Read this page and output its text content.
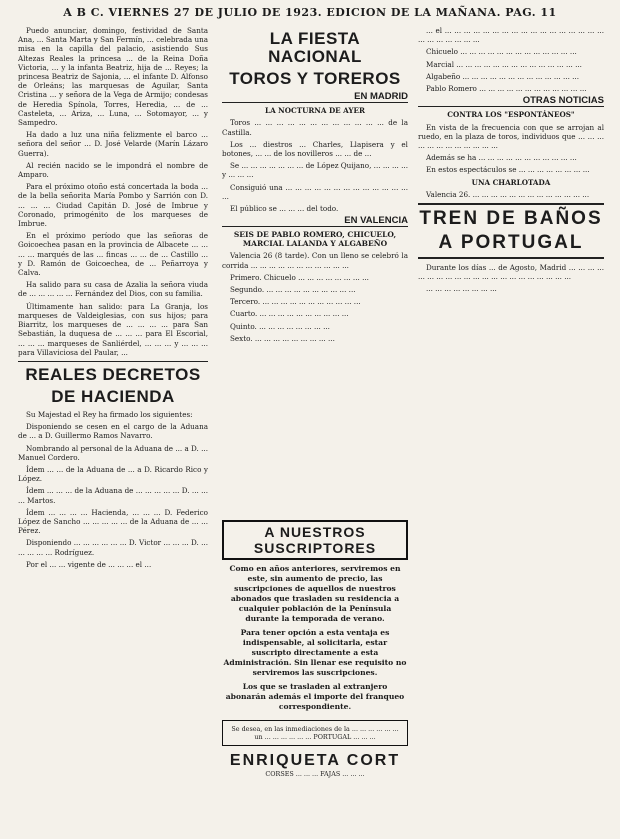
A B C. VIERNES 27 DE JULIO DE 1923. EDICION DE LA MAÑANA. PAG. 11

Puedo anunciar, domingo, festividad de Santa Ana, ... Santa Marta y San Fermín, ... celebrada una misa en la capilla del palacio, asistiendo Sus Altezas Reales la princesa ... de la Reina Doña Victoria, ... y la infanta Beatriz, hija de ... Reyes; la princesa Beatriz de Sajonia, ... el infante D. Alfonso de Orleáns; las marquesas de Aguilar, Santa Cristina ... y señora de la Vega de Armijo; condesas de Heredia Spínola, Torres, Heredia, ... de ... Casteleta, ... Ariza, ... Luna, ... Sotomayor, ... y Sampedro.

Ha dado a luz una niña felizmente el barco ... señora del señor ... D. José Velarde (Marín Lázaro Guerra).

Al recién nacido se le impondrá el nombre de Amparo.

Para el próximo otoño está concertada la boda ... de la bella señorita María Pombo y Sarrión con D. ... ... ... Ciudad Capitán D. José de Imbrue y Coronado, primogénito de los marqueses de Imbrue.

En el próximo período que las señoras de Goicoechea pasan en la provincia de Albacete ... ... ... ... marqués de las ... fincas ... ... de ... Castillo ... y D. Ramón de Goicoechea, de ... Peñarroya y Calva.

Ha salido para su casa de Azalia la señora viuda de ... ... ... ... ... Fernández del Dios, con su familia.

Últimamente han salido: para La Granja, los marqueses de Valdeiglesias, con sus hijos; para Biarritz, los marqueses de ... ... ... ... para San Sebastián, la duquesa de ... ... ... para El Escorial, ... ... ... marqueses de Sanliérdel, ... ... ... y ... ... ... para Villaviciosa del Paular, ...

REALES DECRETOS
DE HACIENDA

Su Majestad el Rey ha firmado los siguientes:

Disponiendo se cesen en el cargo de la Aduana de ... a D. Guillermo Ramos Navarro.

Nombrando al personal de la Aduana de ... a D. ... Manuel Cordero.

Ídem ... ... de la Aduana de ... a D. Ricardo Rico y López.

Ídem ... ... ... de la Aduana de ... ... ... ... ... D. ... ... ... Martos.

Ídem ... ... ... ... Hacienda, ... ... ... D. Federico López de Sancho ... ... ... ... ... de la Aduana de ... ... Pérez.

Disponiendo ... ... ... ... ... ... D. Victor ... ... ... D. ... ... ... ... ... Rodríguez.

Por el ... ... vigente de ... ... ... el ...

LA FIESTA NACIONAL
TOROS Y TOREROS
EN MADRID
LA NOCTURNA DE AYER

Toros ... ... ... ... ... ... ... ... ... ... ... ... de la Castilla.

Los ... diestros ... Charles, Llapisera y el botones, ... ... de los novilleros ... ... de ...

Se ... ... ... ... ... ... ... de López Quijano, ... ... ... ... y ... ... ...

Consiguió una ... ... ... ... ... ... ... ... ... ... ... ... ... ...

El público se ... ... ... del todo.

EN VALENCIA
SEIS DE PABLO ROMERO, CHICUELO, MARCIAL LALANDA Y ALGABEÑO

Valencia 26 (8 tarde). Con un lleno se celebró la corrida ... ... ... ... ... ... ... ... ... ... ...

Primero. Chicuelo ... ... ... ... ... ... ... ...

Segundo. ... ... ... ... ... ... ... ... ... ...

Tercero. ... ... ... ... ... ... ... ... ... ... ...

Cuarto. ... ... ... ... ... ... ... ... ... ...

Quinto. ... ... ... ... ... ... ... ...

Sexto. ... ... ... ... ... ... ... ... ...

A NUESTROS SUSCRIPTORES
Como en años anteriores, serviremos en este, sin aumento de precio, las suscripciones de aquellos de nuestros abonados que trasladen su residencia a cualquier población de la Península durante la temporada de verano.
Para tener opción a esta ventaja es indispensable, al solicitarla, estar suscripto directamente a esta Administración. Sin llenar ese requisito no serviremos las suscripciones.
Los que se trasladen al extranjero abonarán además el importe del franqueo correspondiente.
Se desea, en las inmediaciones de la ... ... ... ... ... ... un ... ... ... ... ... ... PORTUGAL ... ... ...
ENRIQUETA CORT
CORSES ... ... ... FAJAS ... ... ...

... el ... ... ... ... ... ... ... ... ... ... ... ... ... ... ... ... ... ... ... ... ... ... ... ...

Chicuelo ... ... ... ... ... ... ... ... ... ... ... ... ...

Marcial ... ... ... ... ... ... ... ... ... ... ... ... ... ...

Algabeño ... ... ... ... ... ... ... ... ... ... ... ... ...

Pablo Romero ... ... ... ... ... ... ... ... ... ... ... ...

OTRAS NOTICIAS
CONTRA LOS "ESPONTÁNEOS"

En vista de la frecuencia con que se arrojan al ruedo, en la plaza de toros, individuos que ... ... ... ... ... ... ... ... ... ... ... ...

Además se ha ... ... ... ... ... ... ... ... ... ... ...

En estos espectáculos se ... ... ... ... ... ... ... ...

UNA CHARLOTADA

Valencia 26. ... ... ... ... ... ... ... ... ... ... ... ... ...

TREN DE BAÑOS
A PORTUGAL

Durante los días ... de Agosto, Madrid ... ... ... ... ... ... ... ... ... ... ... ... ... ... ... ... ... ... ... ... ...

... ... ... ... ... ... ... ...
